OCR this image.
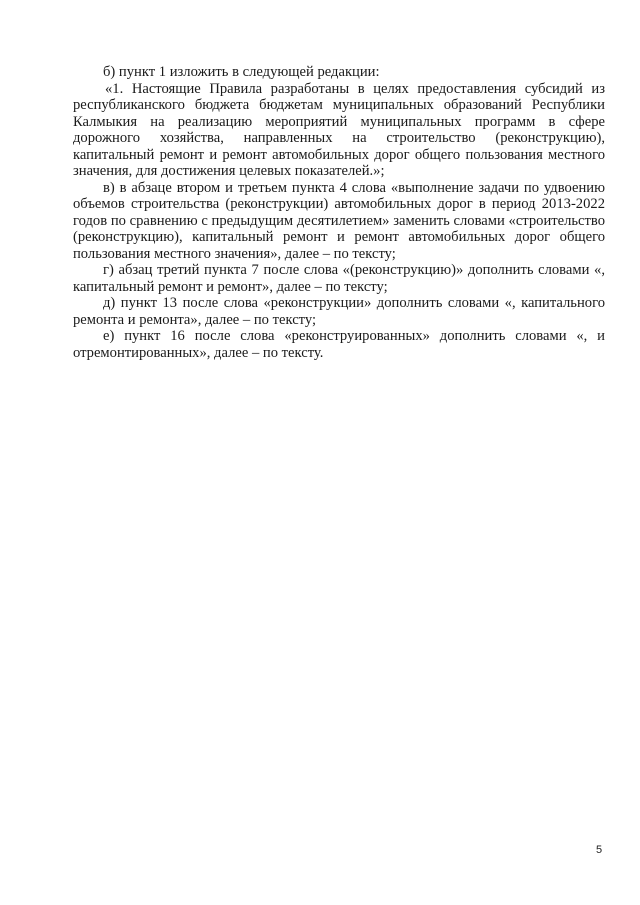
б) пункт 1 изложить в следующей редакции:

«1. Настоящие Правила разработаны в целях предоставления субсидий из республиканского бюджета бюджетам муниципальных образований Республики Калмыкия на реализацию мероприятий муниципальных программ в сфере дорожного хозяйства, направленных на строительство (реконструкцию), капитальный ремонт и ремонт автомобильных дорог общего пользования местного значения, для достижения целевых показателей.»;

в) в абзаце втором и третьем пункта 4 слова «выполнение задачи по удвоению объемов строительства (реконструкции) автомобильных дорог в период 2013-2022 годов по сравнению с предыдущим десятилетием» заменить словами «строительство (реконструкцию), капитальный ремонт и ремонт автомобильных дорог общего пользования местного значения», далее – по тексту;

г) абзац третий пункта 7 после слова «(реконструкцию)» дополнить словами «, капитальный ремонт и ремонт», далее – по тексту;

д) пункт 13 после слова «реконструкции» дополнить словами «, капитального ремонта и ремонта», далее – по тексту;

е) пункт 16 после слова «реконструированных» дополнить словами «, и отремонтированных», далее – по тексту.

5
